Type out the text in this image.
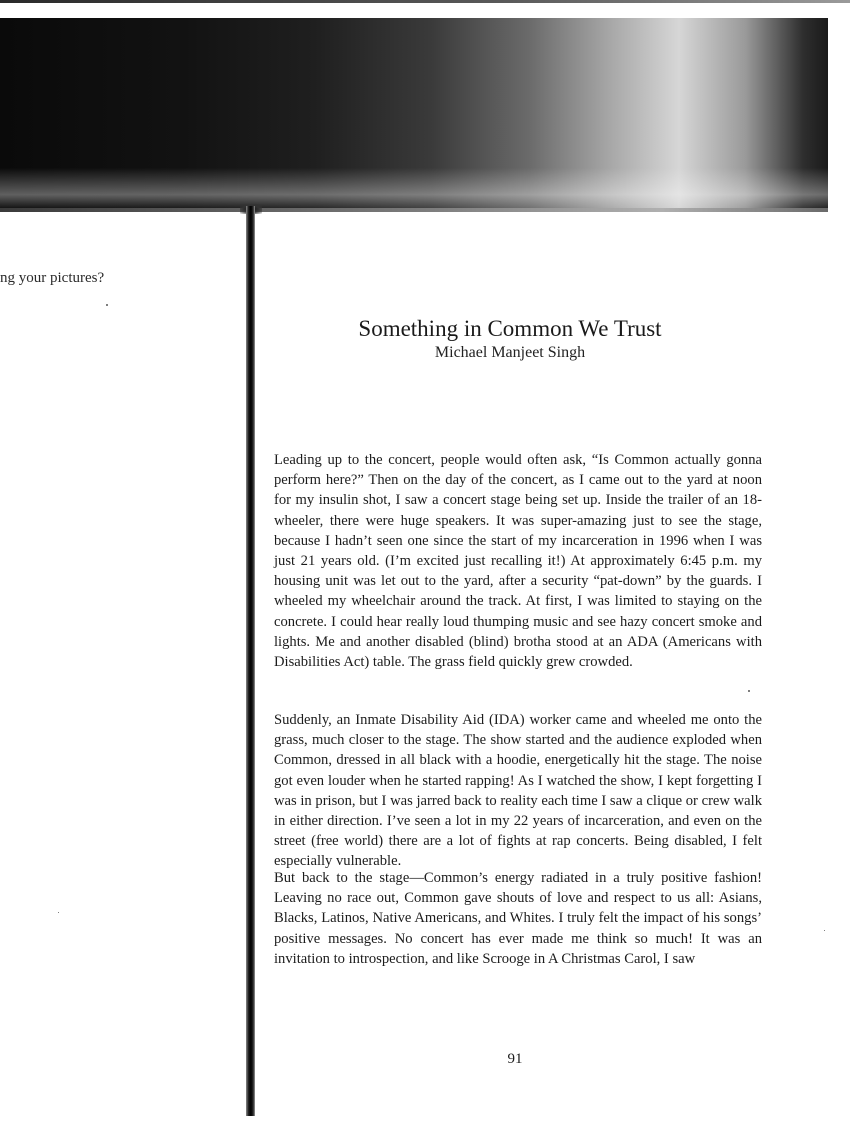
ng your pictures?
Something in Common We Trust
Michael Manjeet Singh

Leading up to the concert, people would often ask, “Is Common actually gonna perform here?” Then on the day of the concert, as I came out to the yard at noon for my insulin shot, I saw a concert stage being set up. Inside the trailer of an 18-wheeler, there were huge speakers. It was super-amazing just to see the stage, because I hadn’t seen one since the start of my incarceration in 1996 when I was just 21 years old. (I’m excited just recalling it!) At approximately 6:45 p.m. my housing unit was let out to the yard, after a security “pat-down” by the guards. I wheeled my wheelchair around the track. At first, I was limited to staying on the concrete. I could hear really loud thumping music and see hazy concert smoke and lights. Me and another disabled (blind) brotha stood at an ADA (Americans with Disabilities Act) table. The grass field quickly grew crowded.

Suddenly, an Inmate Disability Aid (IDA) worker came and wheeled me onto the grass, much closer to the stage. The show started and the audience exploded when Common, dressed in all black with a hoodie, energetically hit the stage. The noise got even louder when he started rapping! As I watched the show, I kept forgetting I was in prison, but I was jarred back to reality each time I saw a clique or crew walk in either direction. I’ve seen a lot in my 22 years of incarceration, and even on the street (free world) there are a lot of fights at rap concerts. Being disabled, I felt especially vulnerable.

But back to the stage—Common’s energy radiated in a truly positive fashion! Leaving no race out, Common gave shouts of love and respect to us all: Asians, Blacks, Latinos, Native Americans, and Whites. I truly felt the impact of his songs’ positive messages. No concert has ever made me think so much! It was an invitation to introspection, and like Scrooge in A Christmas Carol, I saw

91
